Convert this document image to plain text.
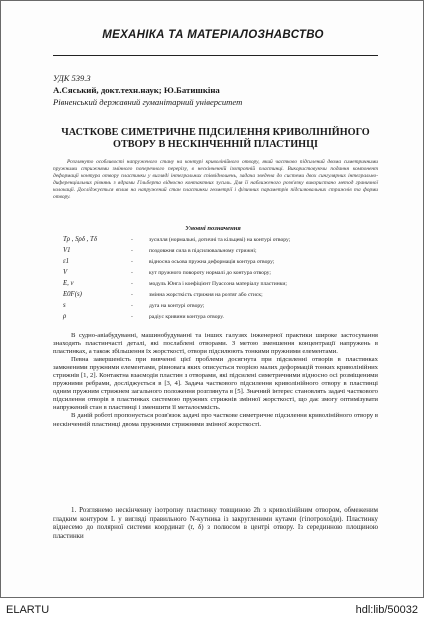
МЕХАНІКА ТА МАТЕРІАЛОЗНАВСТВО
УДК 539.3
А.Сяський, докт.техн.наук; Ю.Батишкіна
Рівненський державний гуманітарний університет
ЧАСТКОВЕ СИМЕТРИЧНЕ ПІДСИЛЕННЯ КРИВОЛІНІЙНОГО ОТВОРУ В НЕСКІНЧЕННІЙ ПЛАСТИНЦІ
Розглянуто особливості напруженого стану на контурі криволінійного отвору, який частково підсилений двома симетричними пружними стрижнями змінного поперечного перерізу, в нескінченній ізотропній пластинці. Використовуючи подання компонент деформації контура отвору пластинки у вигляді інтегральних співвідношень, задача зведена до системи двох сингулярних інтегрально-диференціальних рівнянь з ядрами Гільберта відносно контактних зусиль. Для її наближеного розв'язку використано метод граничної колокації. Досліджується вплив на напружений стан пластинки геометрії і фізичних параметрів підсилювальних стрижнів та форми отвору.
Умовні позначення
Tρ , Sρδ , Tδ	-	зусилля (нормальні, дотичні та кільцеві) на контурі отвору;
V1	-	поздовжня сила в підсилювальному стрижні;
ε1	-	відносна осьова пружна деформація контура отвору;
V	-	кут пружного повороту нормалі до контура отвору;
E, ν	-	модуль Юнга і коефіцієнт Пуассона матеріалу пластинки;
E0F(s)	-	змінна жорсткість стрижня на розтяг або стиск;
s	-	дуга на контурі отвору;
ρ	-	радіус кривини контура отвору.

В судно-авіабудуванні, машинобудуванні та інших галузях інженерної практики широке застосування знаходять пластинчасті деталі, які послаблені отворами. З метою зменшення концентрації напружень в пластинках, а також збільшення їх жорсткості, отвори підсилюють тонкими пружними елементами.

Певна завершеність при вивченні цієї проблеми досягнута при підсиленні отворів в пластинках замкненими пружними елементами, рівновага яких описується теорією малих деформацій тонких криволінійних стрижнів [1, 2]. Контактна взаємодія пластин з отворами, які підсилені симетричними відносно осі розміщеними пружними ребрами, досліджується в [3, 4]. Задача часткового підсилення криволінійного отвору в пластинці одним пружним стрижнем загального положення розглянута в [5]. Значний інтерес становлять задачі часткового підсилення отворів в пластинках системою пружних стрижнів змінної жорсткості, що дає змогу оптимізувати напружений стан в пластинці і зменшити її металоємкість.

В даній роботі пропонується розв'язок задачі про часткове симетричне підсилення криволінійного отвору в нескінченній пластинці двома пружними стрижнями змінної жорсткості.

1. Розглянемо нескінченну ізотропну пластинку товщиною 2h з криволінійним отвором, обмеженим гладким контуром L у вигляді правильного N-кутника із закругленими кутами (гіпотрохоїди). Пластинку віднесемо до полярної системи координат (r, δ) з полюсом в центрі отвору. Із серединною площиною пластинки
ELARTU	hdl:lib/50032
